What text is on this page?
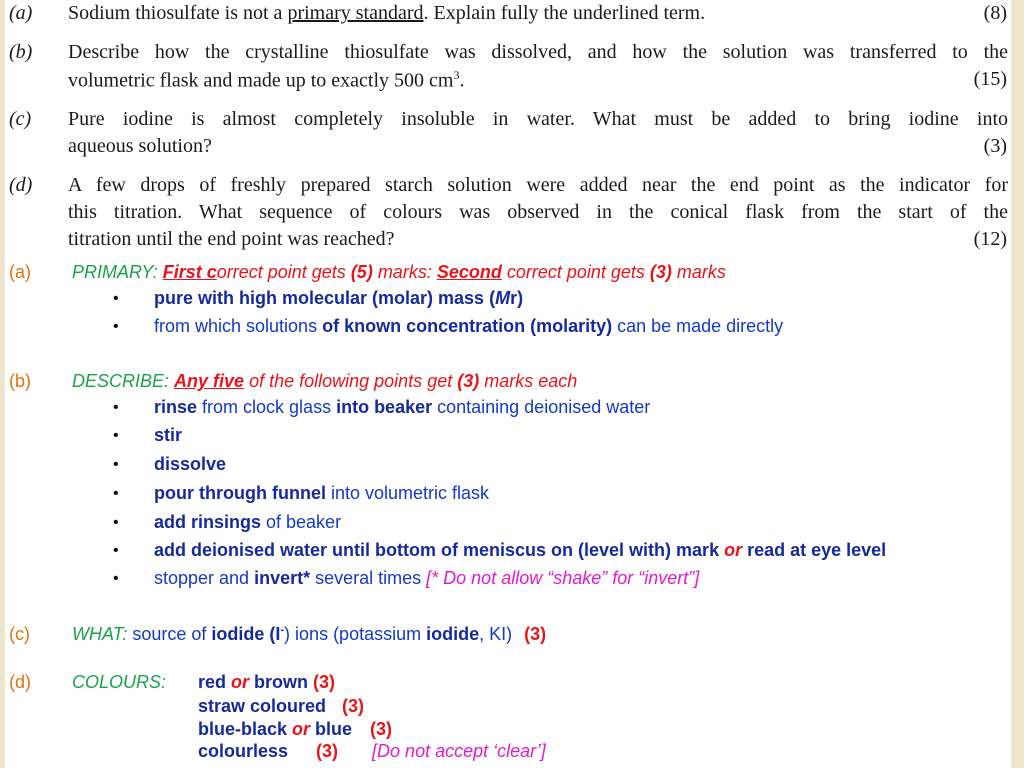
(a) Sodium thiosulfate is not a primary standard. Explain fully the underlined term.	(8)
(b) Describe how the crystalline thiosulfate was dissolved, and how the solution was transferred to the
volumetric flask and made up to exactly 500 $cm^3$.	(15)
(c) Pure iodine is almost completely insoluble in water. What must be added to bring iodine into
aqueous solution?	(3)
(d) A few drops of freshly prepared starch solution were added near the end point as the indicator for
this titration. What sequence of colours was observed in the conical flask from the start of the
titration until the end point was reached?	(12)
(a) PRIMARY: First correct point gets (5) marks: Second correct point gets (3) marks
• pure with high molecular (molar) mass (Mr)
• from which solutions of known concentration (molarity) can be made directly
(b) DESCRIBE: Any five of the following points get (3) marks each
• rinse from clock glass into beaker containing deionised water
• stir
• dissolve
• pour through funnel into volumetric flask
• add rinsings of beaker
• add deionised water until bottom of meniscus on (level with) mark or read at eye level
• stopper and invert* several times [* Do not allow “shake” for “invert”]
(c) WHAT: source of iodide (I-) ions (potassium iodide, KI) (3)
(d) COLOURS: red or brown (3)
straw coloured (3)
blue-black or blue (3)
colourless (3) [Do not accept ‘clear’]
